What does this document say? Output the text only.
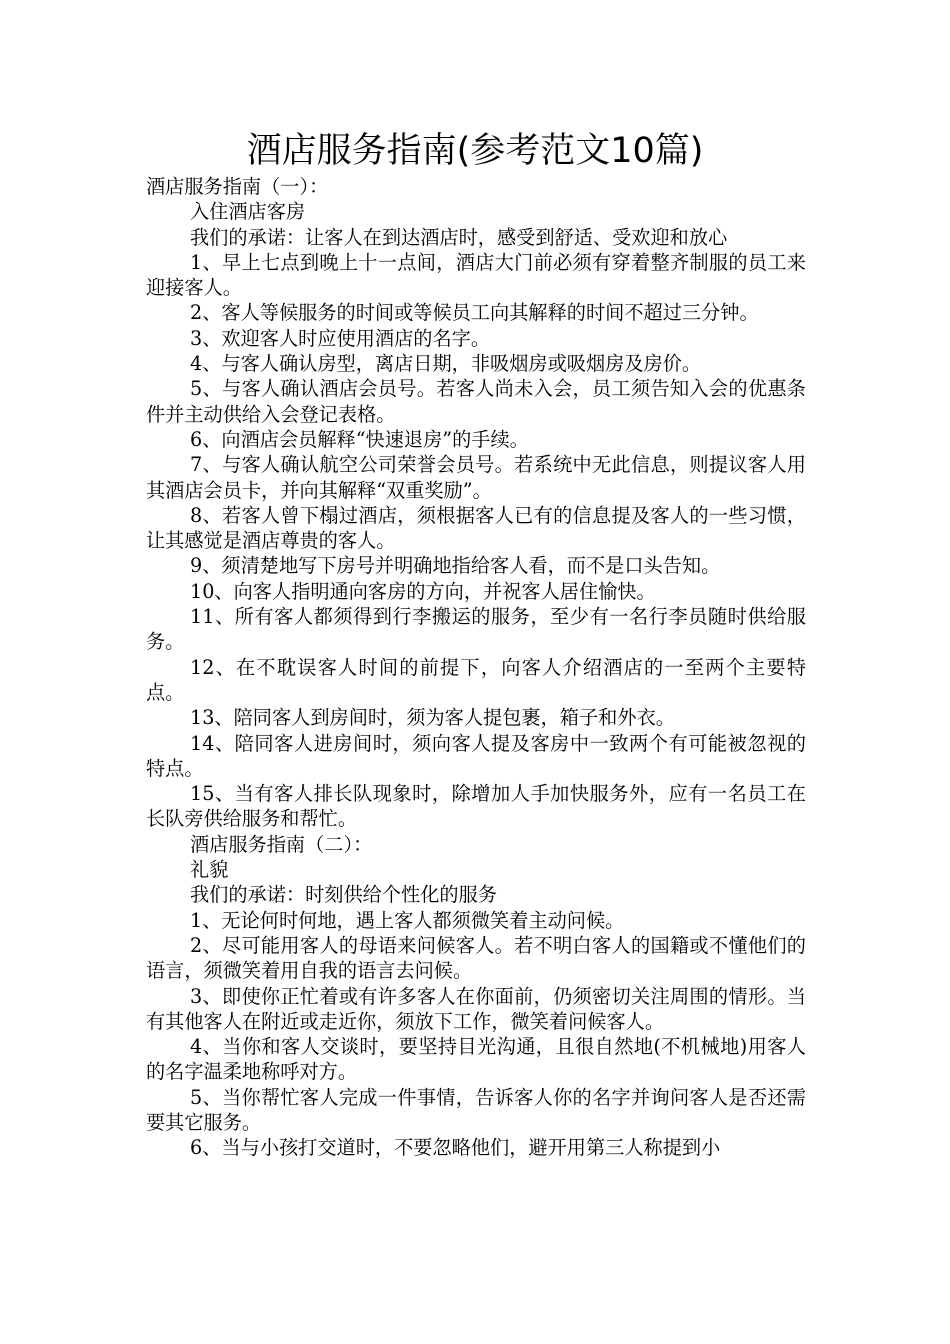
酒店服务指南(参考范文10篇)

酒店服务指南（一）：

入住酒店客房

我们的承诺：让客人在到达酒店时，感受到舒适、受欢迎和放心

1、早上七点到晚上十一点间，酒店大门前必须有穿着整齐制服的员工来迎接客人。

2、客人等候服务的时间或等候员工向其解释的时间不超过三分钟。

3、欢迎客人时应使用酒店的名字。

4、与客人确认房型，离店日期，非吸烟房或吸烟房及房价。

5、与客人确认酒店会员号。若客人尚未入会，员工须告知入会的优惠条件并主动供给入会登记表格。

6、向酒店会员解释“快速退房”的手续。

7、与客人确认航空公司荣誉会员号。若系统中无此信息，则提议客人用其酒店会员卡，并向其解释“双重奖励”。

8、若客人曾下榻过酒店，须根据客人已有的信息提及客人的一些习惯，让其感觉是酒店尊贵的客人。

9、须清楚地写下房号并明确地指给客人看，而不是口头告知。

10、向客人指明通向客房的方向，并祝客人居住愉快。

11、所有客人都须得到行李搬运的服务，至少有一名行李员随时供给服务。

12、在不耽误客人时间的前提下，向客人介绍酒店的一至两个主要特点。

13、陪同客人到房间时，须为客人提包裹，箱子和外衣。

14、陪同客人进房间时，须向客人提及客房中一致两个有可能被忽视的特点。

15、当有客人排长队现象时，除增加人手加快服务外，应有一名员工在长队旁供给服务和帮忙。

酒店服务指南（二）：

礼貌

我们的承诺：时刻供给个性化的服务

1、无论何时何地，遇上客人都须微笑着主动问候。

2、尽可能用客人的母语来问候客人。若不明白客人的国籍或不懂他们的语言，须微笑着用自我的语言去问候。

3、即使你正忙着或有许多客人在你面前，仍须密切关注周围的情形。当有其他客人在附近或走近你，须放下工作，微笑着问候客人。

4、当你和客人交谈时，要坚持目光沟通，且很自然地(不机械地)用客人的名字温柔地称呼对方。

5、当你帮忙客人完成一件事情，告诉客人你的名字并询问客人是否还需要其它服务。

6、当与小孩打交道时，不要忽略他们，避开用第三人称提到小
